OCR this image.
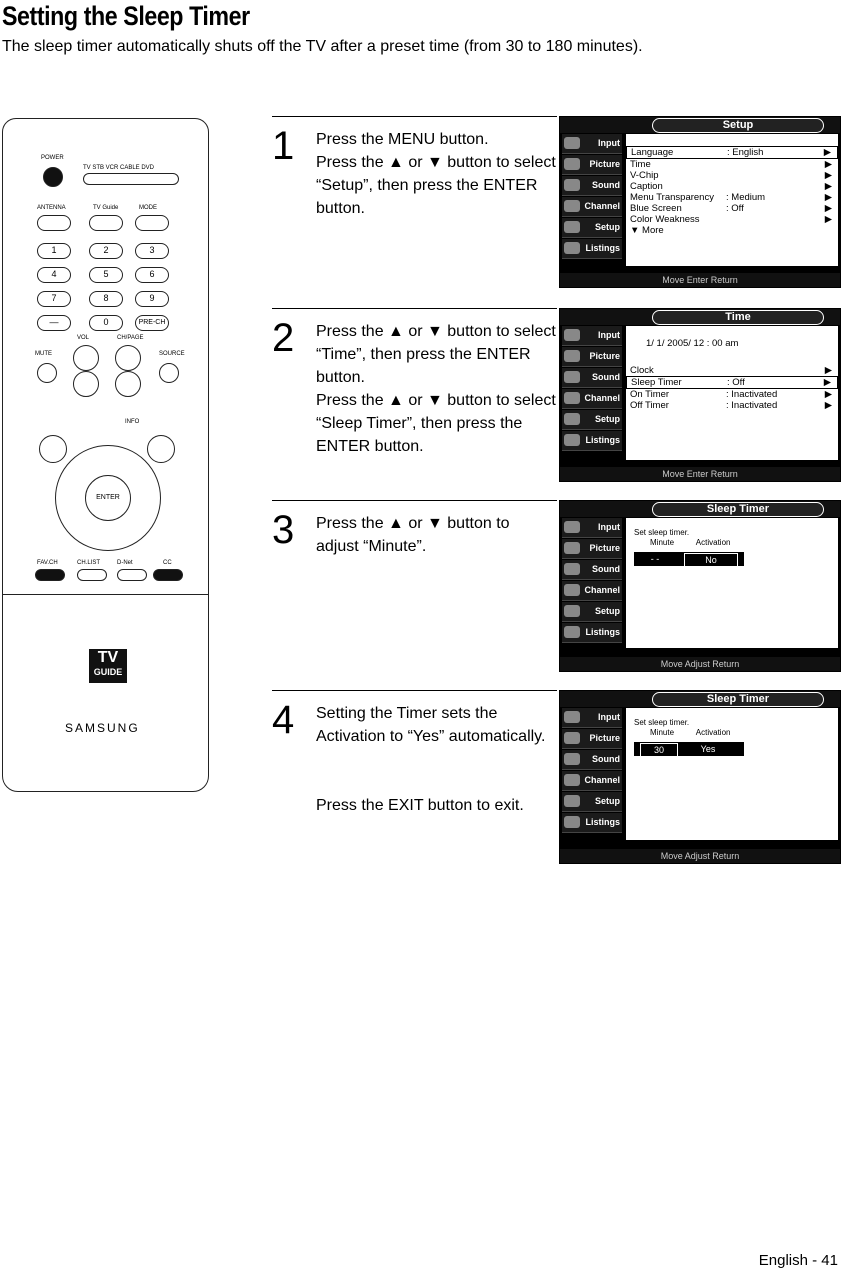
Setting the Sleep Timer
The sleep timer automatically shuts off the TV after a preset time (from 30 to 180 minutes).
POWER
TV STB VCR CABLE DVD
ANTENNA	TV Guide	MODE
1	2	3
4	5	6
7	8	9
—	0	PRE-CH
VOL	CH/PAGE
MUTE	SOURCE
INFO
ENTER
FAV.CH	CH.LIST	D-Net	CC
TV
GUIDE
SAMSUNG
1 Press the MENU button.
Press the ▲ or ▼ button to select “Setup”, then press the ENTER button.
Setup
Input
Picture
Sound
Channel
Setup
Listings
Language	: English	▶
Time	▶
V-Chip	▶
Caption	▶
Menu Transparency : Medium	▶
Blue Screen	: Off	▶
Color Weakness	▶
▼ More
Move Enter Return
2 Press the ▲ or ▼ button to select “Time”, then press the ENTER button.
Press the ▲ or ▼ button to select “Sleep Timer”, then press the ENTER button.
Time
Input
Picture
Sound
Channel
Setup
Listings
1/ 1/ 2005/ 12 : 00 am
Clock	▶
Sleep Timer	: Off	▶
On Timer	: Inactivated	▶
Off Timer	: Inactivated	▶
Move Enter Return
3 Press the ▲ or ▼ button to adjust “Minute”.
Sleep Timer
Input
Picture
Sound
Channel
Setup
Listings
Set sleep timer.
Minute	Activation
- -	No
Move Adjust Return
4 Setting the Timer sets the Activation to “Yes” automatically.
Press the EXIT button to exit.
Sleep Timer
Input
Picture
Sound
Channel
Setup
Listings
Set sleep timer.
Minute	Activation
30	Yes
Move Adjust Return
English - 41
